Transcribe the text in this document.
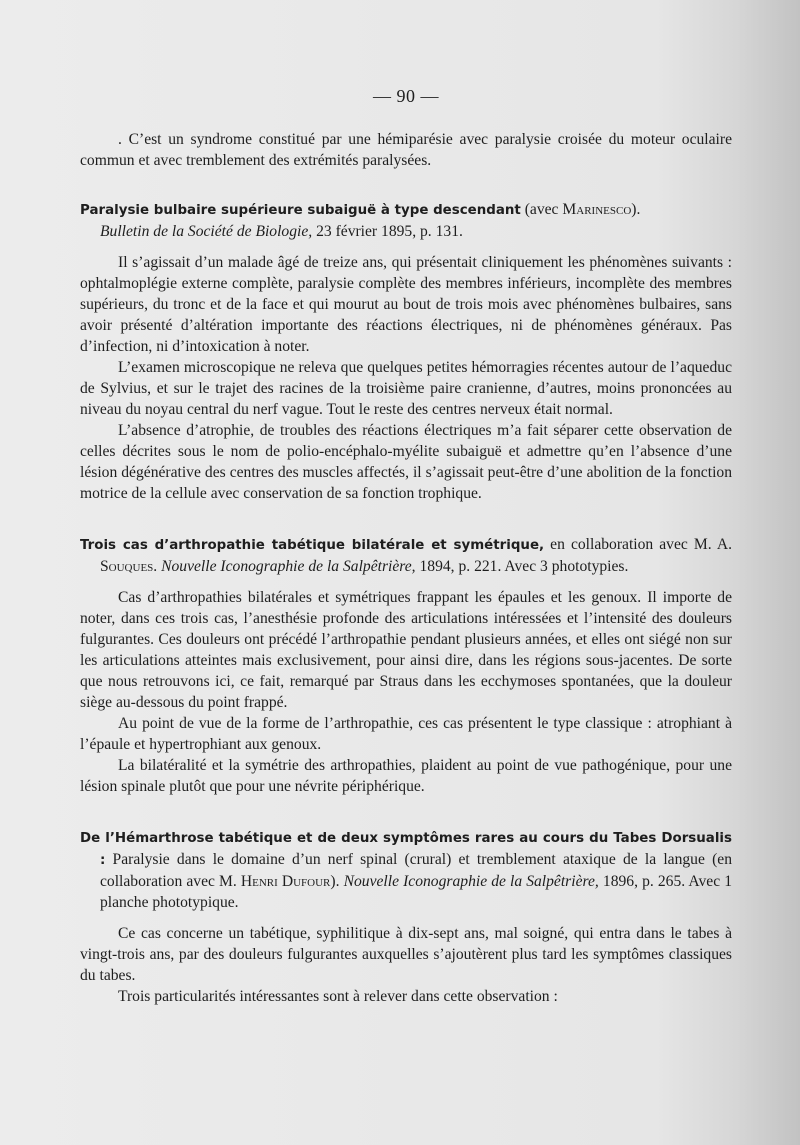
— 90 —

. C’est un syndrome constitué par une hémiparésie avec paralysie croisée du moteur oculaire commun et avec tremblement des extrémités paralysées.

Paralysie bulbaire supérieure subaiguë à type descendant (avec Marinesco).
Bulletin de la Société de Biologie, 23 février 1895, p. 131.

Il s’agissait d’un malade âgé de treize ans, qui présentait cliniquement les phénomènes suivants : ophtalmoplégie externe complète, paralysie complète des membres inférieurs, incomplète des membres supérieurs, du tronc et de la face et qui mourut au bout de trois mois avec phénomènes bulbaires, sans avoir présenté d’altération importante des réactions électriques, ni de phénomènes généraux. Pas d’infection, ni d’intoxication à noter.

L’examen microscopique ne releva que quelques petites hémorragies récentes autour de l’aqueduc de Sylvius, et sur le trajet des racines de la troisième paire cranienne, d’autres, moins prononcées au niveau du noyau central du nerf vague. Tout le reste des centres nerveux était normal.

L’absence d’atrophie, de troubles des réactions électriques m’a fait séparer cette observation de celles décrites sous le nom de polio-encéphalo-myélite subaiguë et admettre qu’en l’absence d’une lésion dégénérative des centres des muscles affectés, il s’agissait peut-être d’une abolition de la fonction motrice de la cellule avec conservation de sa fonction trophique.

Trois cas d’arthropathie tabétique bilatérale et symétrique, en collaboration avec M. A. Souques. Nouvelle Iconographie de la Salpêtrière, 1894, p. 221. Avec 3 phototypies.

Cas d’arthropathies bilatérales et symétriques frappant les épaules et les genoux. Il importe de noter, dans ces trois cas, l’anesthésie profonde des articulations intéressées et l’intensité des douleurs fulgurantes. Ces douleurs ont précédé l’arthropathie pendant plusieurs années, et elles ont siégé non sur les articulations atteintes mais exclusivement, pour ainsi dire, dans les régions sous-jacentes. De sorte que nous retrouvons ici, ce fait, remarqué par Straus dans les ecchymoses spontanées, que la douleur siège au-dessous du point frappé.

Au point de vue de la forme de l’arthropathie, ces cas présentent le type classique : atrophiant à l’épaule et hypertrophiant aux genoux.

La bilatéralité et la symétrie des arthropathies, plaident au point de vue pathogénique, pour une lésion spinale plutôt que pour une névrite périphérique.

De l’Hémarthrose tabétique et de deux symptômes rares au cours du Tabes Dorsualis : Paralysie dans le domaine d’un nerf spinal (crural) et tremblement ataxique de la langue (en collaboration avec M. Henri Dufour). Nouvelle Iconographie de la Salpêtrière, 1896, p. 265. Avec 1 planche phototypique.

Ce cas concerne un tabétique, syphilitique à dix-sept ans, mal soigné, qui entra dans le tabes à vingt-trois ans, par des douleurs fulgurantes auxquelles s’ajoutèrent plus tard les symptômes classiques du tabes.

Trois particularités intéressantes sont à relever dans cette observation :
